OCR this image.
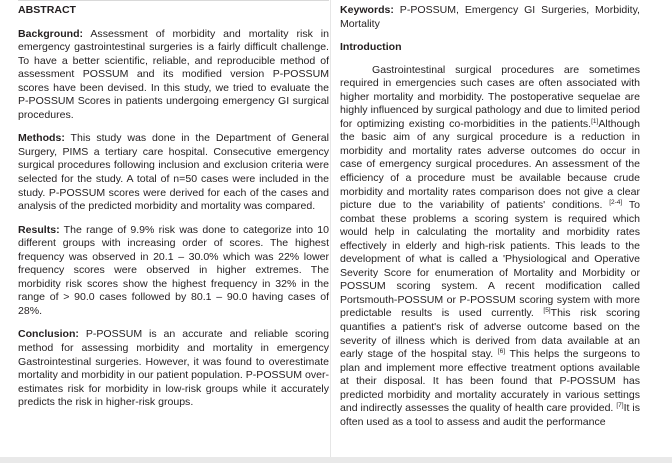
ABSTRACT

Background: Assessment of morbidity and mortality risk in emergency gastrointestinal surgeries is a fairly difficult challenge. To have a better scientific, reliable, and reproducible method of assessment POSSUM and its modified version P-POSSUM scores have been devised. In this study, we tried to evaluate the P-POSSUM Scores in patients undergoing emergency GI surgical procedures.

Methods: This study was done in the Department of General Surgery, PIMS a tertiary care hospital. Consecutive emergency surgical procedures following inclusion and exclusion criteria were selected for the study. A total of n=50 cases were included in the study. P-POSSUM scores were derived for each of the cases and analysis of the predicted morbidity and mortality was compared.

Results: The range of 9.9% risk was done to categorize into 10 different groups with increasing order of scores. The highest frequency was observed in 20.1 – 30.0% which was 22% lower frequency scores were observed in higher extremes. The morbidity risk scores show the highest frequency in 32% in the range of > 90.0 cases followed by 80.1 – 90.0 having cases of 28%.

Conclusion: P-POSSUM is an accurate and reliable scoring method for assessing morbidity and mortality in emergency Gastrointestinal surgeries. However, it was found to overestimate mortality and morbidity in our patient population. P-POSSUM over-estimates risk for morbidity in low-risk groups while it accurately predicts the risk in higher-risk groups.

Keywords: P-POSSUM, Emergency GI Surgeries, Morbidity, Mortality

Introduction

Gastrointestinal surgical procedures are sometimes required in emergencies such cases are often associated with higher mortality and morbidity. The postoperative sequelae are highly influenced by surgical pathology and due to limited period for optimizing existing co-morbidities in the patients.[1]Although the basic aim of any surgical procedure is a reduction in morbidity and mortality rates adverse outcomes do occur in case of emergency surgical procedures. An assessment of the efficiency of a procedure must be available because crude morbidity and mortality rates comparison does not give a clear picture due to the variability of patients' conditions. [2-4] To combat these problems a scoring system is required which would help in calculating the mortality and morbidity rates effectively in elderly and high-risk patients. This leads to the development of what is called a 'Physiological and Operative Severity Score for enumeration of Mortality and Morbidity or POSSUM scoring system. A recent modification called Portsmouth-POSSUM or P-POSSUM scoring system with more predictable results is used currently. [5]This risk scoring quantifies a patient's risk of adverse outcome based on the severity of illness which is derived from data available at an early stage of the hospital stay. [6] This helps the surgeons to plan and implement more effective treatment options available at their disposal. It has been found that P-POSSUM has predicted morbidity and mortality accurately in various settings and indirectly assesses the quality of health care provided. [7]It is often used as a tool to assess and audit the performance
